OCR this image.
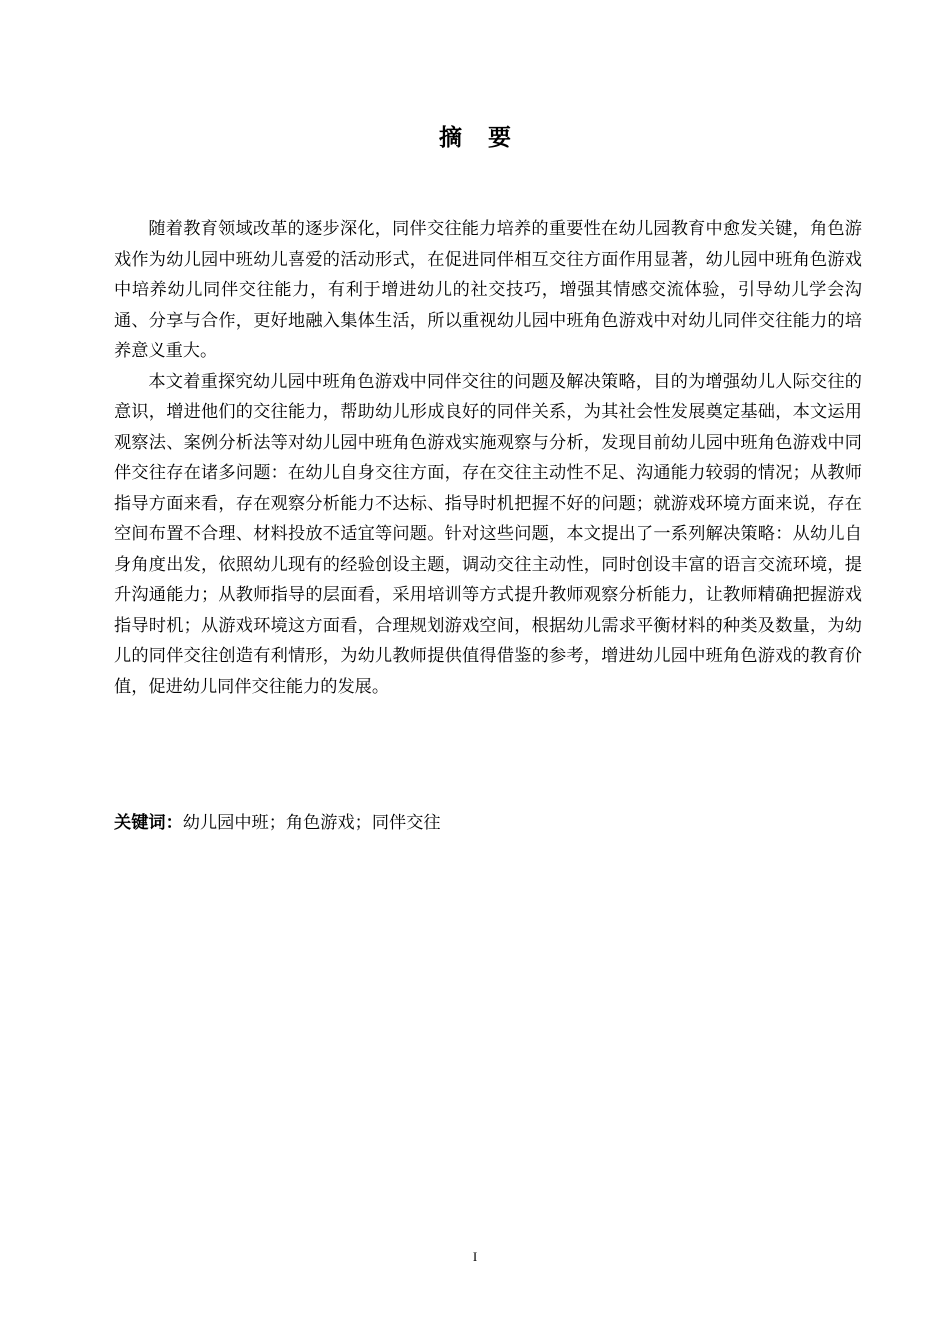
摘要

随着教育领域改革的逐步深化，同伴交往能力培养的重要性在幼儿园教育中愈发关键，角色游戏作为幼儿园中班幼儿喜爱的活动形式，在促进同伴相互交往方面作用显著，幼儿园中班角色游戏中培养幼儿同伴交往能力，有利于增进幼儿的社交技巧，增强其情感交流体验，引导幼儿学会沟通、分享与合作，更好地融入集体生活，所以重视幼儿园中班角色游戏中对幼儿同伴交往能力的培养意义重大。

本文着重探究幼儿园中班角色游戏中同伴交往的问题及解决策略，目的为增强幼儿人际交往的意识，增进他们的交往能力，帮助幼儿形成良好的同伴关系，为其社会性发展奠定基础，本文运用观察法、案例分析法等对幼儿园中班角色游戏实施观察与分析，发现目前幼儿园中班角色游戏中同伴交往存在诸多问题：在幼儿自身交往方面，存在交往主动性不足、沟通能力较弱的情况；从教师指导方面来看，存在观察分析能力不达标、指导时机把握不好的问题；就游戏环境方面来说，存在空间布置不合理、材料投放不适宜等问题。针对这些问题，本文提出了一系列解决策略：从幼儿自身角度出发，依照幼儿现有的经验创设主题，调动交往主动性，同时创设丰富的语言交流环境，提升沟通能力；从教师指导的层面看，采用培训等方式提升教师观察分析能力，让教师精确把握游戏指导时机；从游戏环境这方面看，合理规划游戏空间，根据幼儿需求平衡材料的种类及数量，为幼儿的同伴交往创造有利情形，为幼儿教师提供值得借鉴的参考，增进幼儿园中班角色游戏的教育价值，促进幼儿同伴交往能力的发展。

关键词：幼儿园中班；角色游戏；同伴交往
I
